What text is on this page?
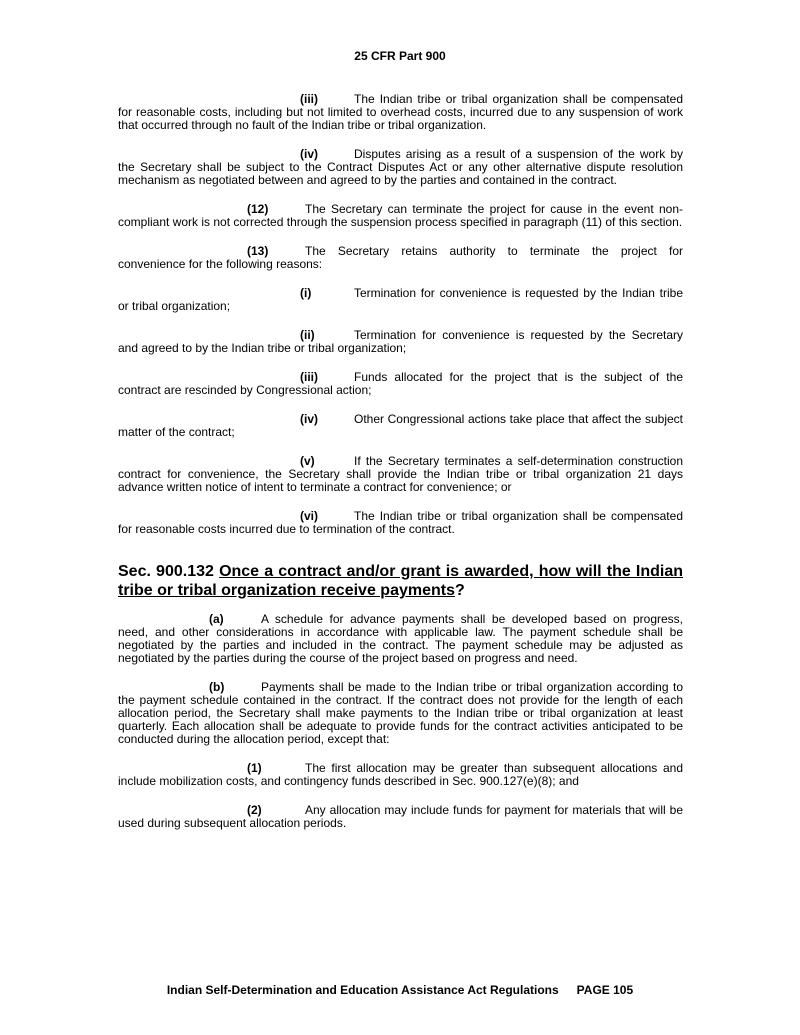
25 CFR Part 900

(iii)	The Indian tribe or tribal organization shall be compensated for reasonable costs, including but not limited to overhead costs, incurred due to any suspension of work that occurred through no fault of the Indian tribe or tribal organization.

(iv)	Disputes arising as a result of a suspension of the work by the Secretary shall be subject to the Contract Disputes Act or any other alternative dispute resolution mechanism as negotiated between and agreed to by the parties and contained in the contract.

(12)	The Secretary can terminate the project for cause in the event non-compliant work is not corrected through the suspension process specified in paragraph (11) of this section.

(13)	The Secretary retains authority to terminate the project for convenience for the following reasons:

(i)	Termination for convenience is requested by the Indian tribe or tribal organization;

(ii)	Termination for convenience is requested by the Secretary and agreed to by the Indian tribe or tribal organization;

(iii)	Funds allocated for the project that is the subject of the contract are rescinded by Congressional action;

(iv)	Other Congressional actions take place that affect the subject matter of the contract;

(v)	If the Secretary terminates a self-determination construction contract for convenience, the Secretary shall provide the Indian tribe or tribal organization 21 days advance written notice of intent to terminate a contract for convenience; or

(vi)	The Indian tribe or tribal organization shall be compensated for reasonable costs incurred due to termination of the contract.

Sec. 900.132 Once a contract and/or grant is awarded, how will the Indian tribe or tribal organization receive payments?

(a)	A schedule for advance payments shall be developed based on progress, need, and other considerations in accordance with applicable law. The payment schedule shall be negotiated by the parties and included in the contract. The payment schedule may be adjusted as negotiated by the parties during the course of the project based on progress and need.

(b)	Payments shall be made to the Indian tribe or tribal organization according to the payment schedule contained in the contract. If the contract does not provide for the length of each allocation period, the Secretary shall make payments to the Indian tribe or tribal organization at least quarterly. Each allocation shall be adequate to provide funds for the contract activities anticipated to be conducted during the allocation period, except that:

(1)	The first allocation may be greater than subsequent allocations and include mobilization costs, and contingency funds described in Sec. 900.127(e)(8); and

(2)	Any allocation may include funds for payment for materials that will be used during subsequent allocation periods.

Indian Self-Determination and Education Assistance Act Regulations PAGE 105
